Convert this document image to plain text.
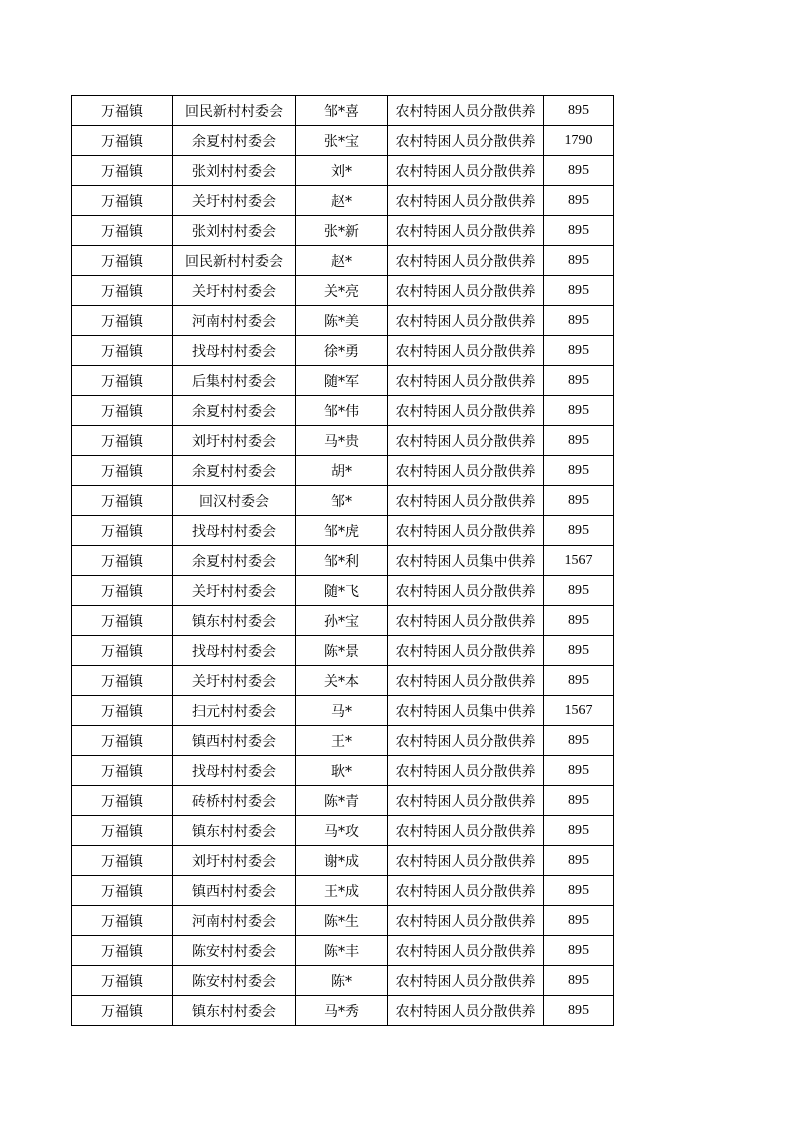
万福镇	回民新村村委会	邹*喜	农村特困人员分散供养	895
万福镇	余夏村村委会	张*宝	农村特困人员分散供养	1790
万福镇	张刘村村委会	刘*	农村特困人员分散供养	895
万福镇	关圩村村委会	赵*	农村特困人员分散供养	895
万福镇	张刘村村委会	张*新	农村特困人员分散供养	895
万福镇	回民新村村委会	赵*	农村特困人员分散供养	895
万福镇	关圩村村委会	关*亮	农村特困人员分散供养	895
万福镇	河南村村委会	陈*美	农村特困人员分散供养	895
万福镇	找母村村委会	徐*勇	农村特困人员分散供养	895
万福镇	后集村村委会	随*军	农村特困人员分散供养	895
万福镇	余夏村村委会	邹*伟	农村特困人员分散供养	895
万福镇	刘圩村村委会	马*贵	农村特困人员分散供养	895
万福镇	余夏村村委会	胡*	农村特困人员分散供养	895
万福镇	回汉村委会	邹*	农村特困人员分散供养	895
万福镇	找母村村委会	邹*虎	农村特困人员分散供养	895
万福镇	余夏村村委会	邹*利	农村特困人员集中供养	1567
万福镇	关圩村村委会	随*飞	农村特困人员分散供养	895
万福镇	镇东村村委会	孙*宝	农村特困人员分散供养	895
万福镇	找母村村委会	陈*景	农村特困人员分散供养	895
万福镇	关圩村村委会	关*本	农村特困人员分散供养	895
万福镇	扫元村村委会	马*	农村特困人员集中供养	1567
万福镇	镇西村村委会	王*	农村特困人员分散供养	895
万福镇	找母村村委会	耿*	农村特困人员分散供养	895
万福镇	砖桥村村委会	陈*青	农村特困人员分散供养	895
万福镇	镇东村村委会	马*攻	农村特困人员分散供养	895
万福镇	刘圩村村委会	谢*成	农村特困人员分散供养	895
万福镇	镇西村村委会	王*成	农村特困人员分散供养	895
万福镇	河南村村委会	陈*生	农村特困人员分散供养	895
万福镇	陈安村村委会	陈*丰	农村特困人员分散供养	895
万福镇	陈安村村委会	陈*	农村特困人员分散供养	895
万福镇	镇东村村委会	马*秀	农村特困人员分散供养	895
